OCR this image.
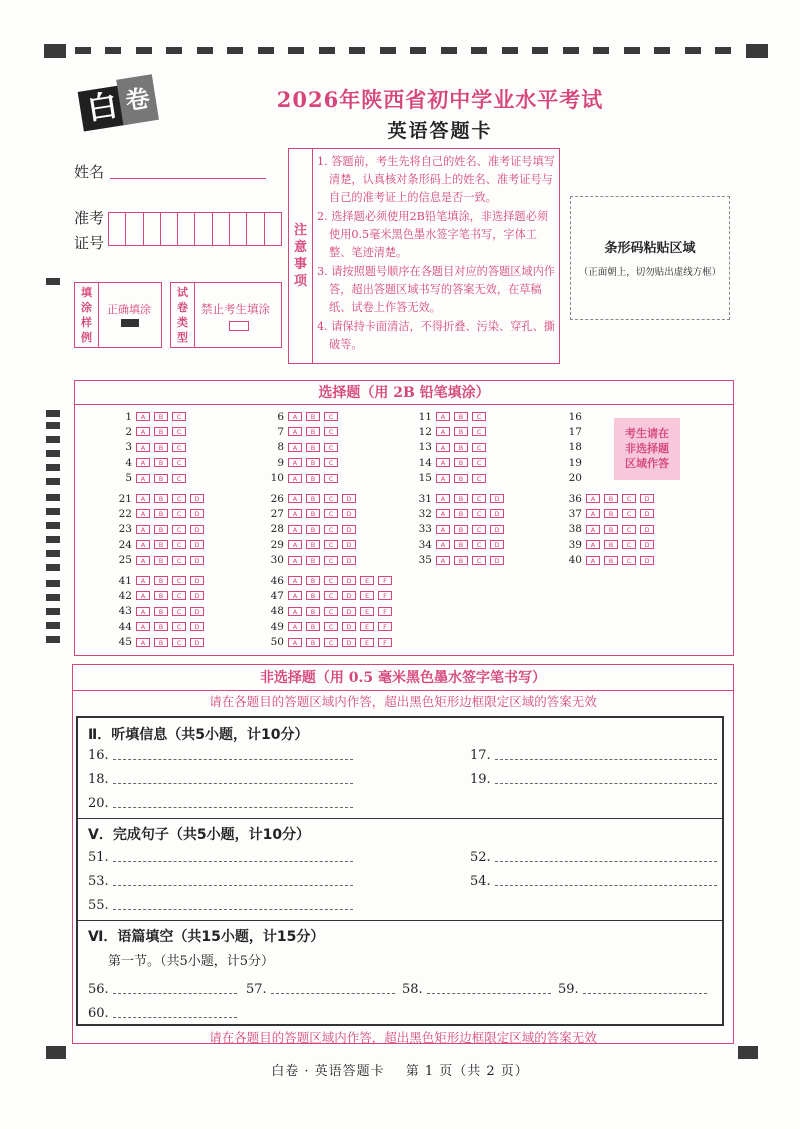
白 卷	2026年陕西省初中学业水平考试
英语答题卡
姓名
准考证号
注
意
事
项

1. 答题前，考生先将自己的姓名、准考证号填写清楚，认真核对条形码上的姓名、准考证号与自己的准考证上的信息是否一致。

2. 选择题必须使用2B铅笔填涂，非选择题必须使用0.5毫米黑色墨水签字笔书写，字体工整、笔迹清楚。

3. 请按照题号顺序在各题目对应的答题区域内作答，超出答题区域书写的答案无效，在草稿纸、试卷上作答无效。

4. 请保持卡面清洁，不得折叠、污染、穿孔、撕破等。

条形码粘贴区域
（正面朝上，切勿贴出虚线方框）
填
涂
样
例
正确填涂
试
卷
类
型
禁止考生填涂
选择题（用 2B 铅笔填涂）
1	A	B	C
2	A	B	C
3	A	B	C
4	A	B	C
5	A	B	C
6	A	B	C
7	A	B	C
8	A	B	C
9	A	B	C
10	A	B	C
11	A	B	C
12	A	B	C
13	A	B	C
14	A	B	C
15	A	B	C
16
17
18
19
20
21	A	B	C	D
22	A	B	C	D
23	A	B	C	D
24	A	B	C	D
25	A	B	C	D
26	A	B	C	D
27	A	B	C	D
28	A	B	C	D
29	A	B	C	D
30	A	B	C	D
31	A	B	C	D
32	A	B	C	D
33	A	B	C	D
34	A	B	C	D
35	A	B	C	D
36	A	B	C	D
37	A	B	C	D
38	A	B	C	D
39	A	B	C	D
40	A	B	C	D
41	A	B	C	D
42	A	B	C	D
43	A	B	C	D
44	A	B	C	D
45	A	B	C	D
46	A	B	C	D	E	F
47	A	B	C	D	E	F
48	A	B	C	D	E	F
49	A	B	C	D	E	F
50	A	B	C	D	E	F
考生请在
非选择题
区域作答
非选择题（用 0.5 毫米黑色墨水签字笔书写）
请在各题目的答题区域内作答，超出黑色矩形边框限定区域的答案无效
Ⅱ．听填信息（共5小题，计10分）
Ⅴ．完成句子（共5小题，计10分）
Ⅵ．语篇填空（共15小题，计15分）
第一节。（共5小题，计5分）
16.	17.
18.	19.
20.
51.	52.
53.	54.
55.
56.	57.	58.	59.
60.
请在各题目的答题区域内作答，超出黑色矩形边框限定区域的答案无效
白卷 · 英语答题卡 第 1 页（共 2 页）
